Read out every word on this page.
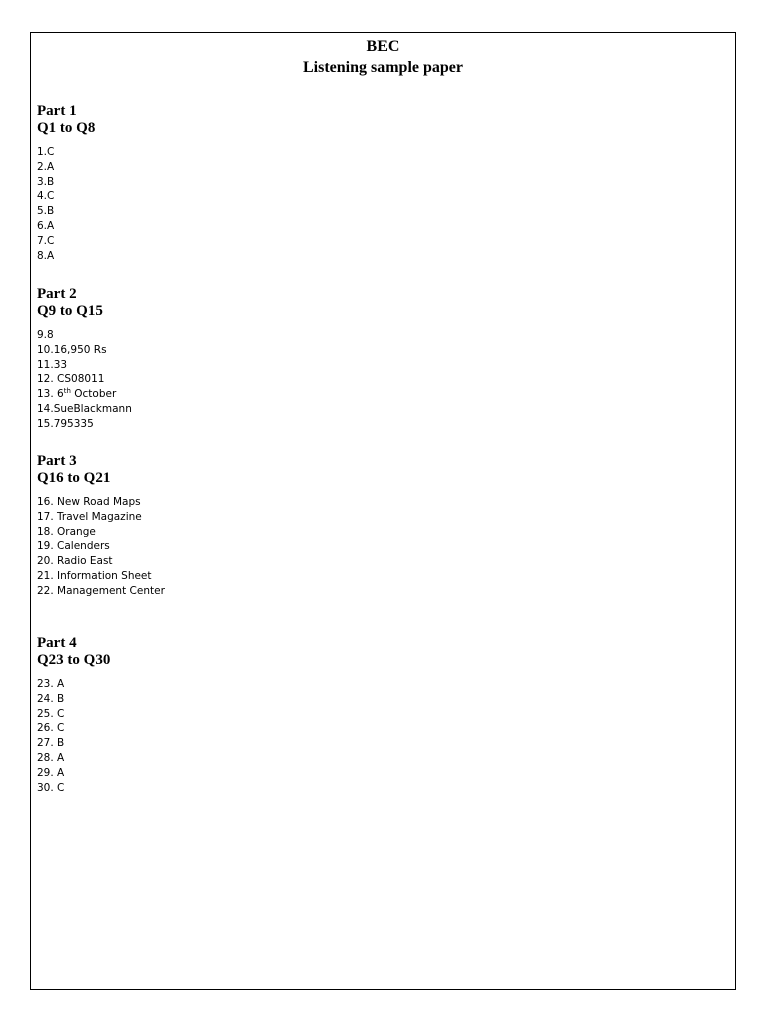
BEC
Listening sample paper
Part 1
Q1 to Q8
1.C
2.A
3.B
4.C
5.B
6.A
7.C
8.A
Part 2
Q9 to Q15
9.8
10.16,950 Rs
11.33
12. CS08011
13. 6th October
14.SueBlackmann
15.795335
Part 3
Q16 to Q21
16. New Road Maps
17. Travel Magazine
18. Orange
19. Calenders
20. Radio East
21. Information Sheet
22. Management Center
Part 4
Q23 to Q30
23. A
24. B
25. C
26. C
27. B
28. A
29. A
30. C
